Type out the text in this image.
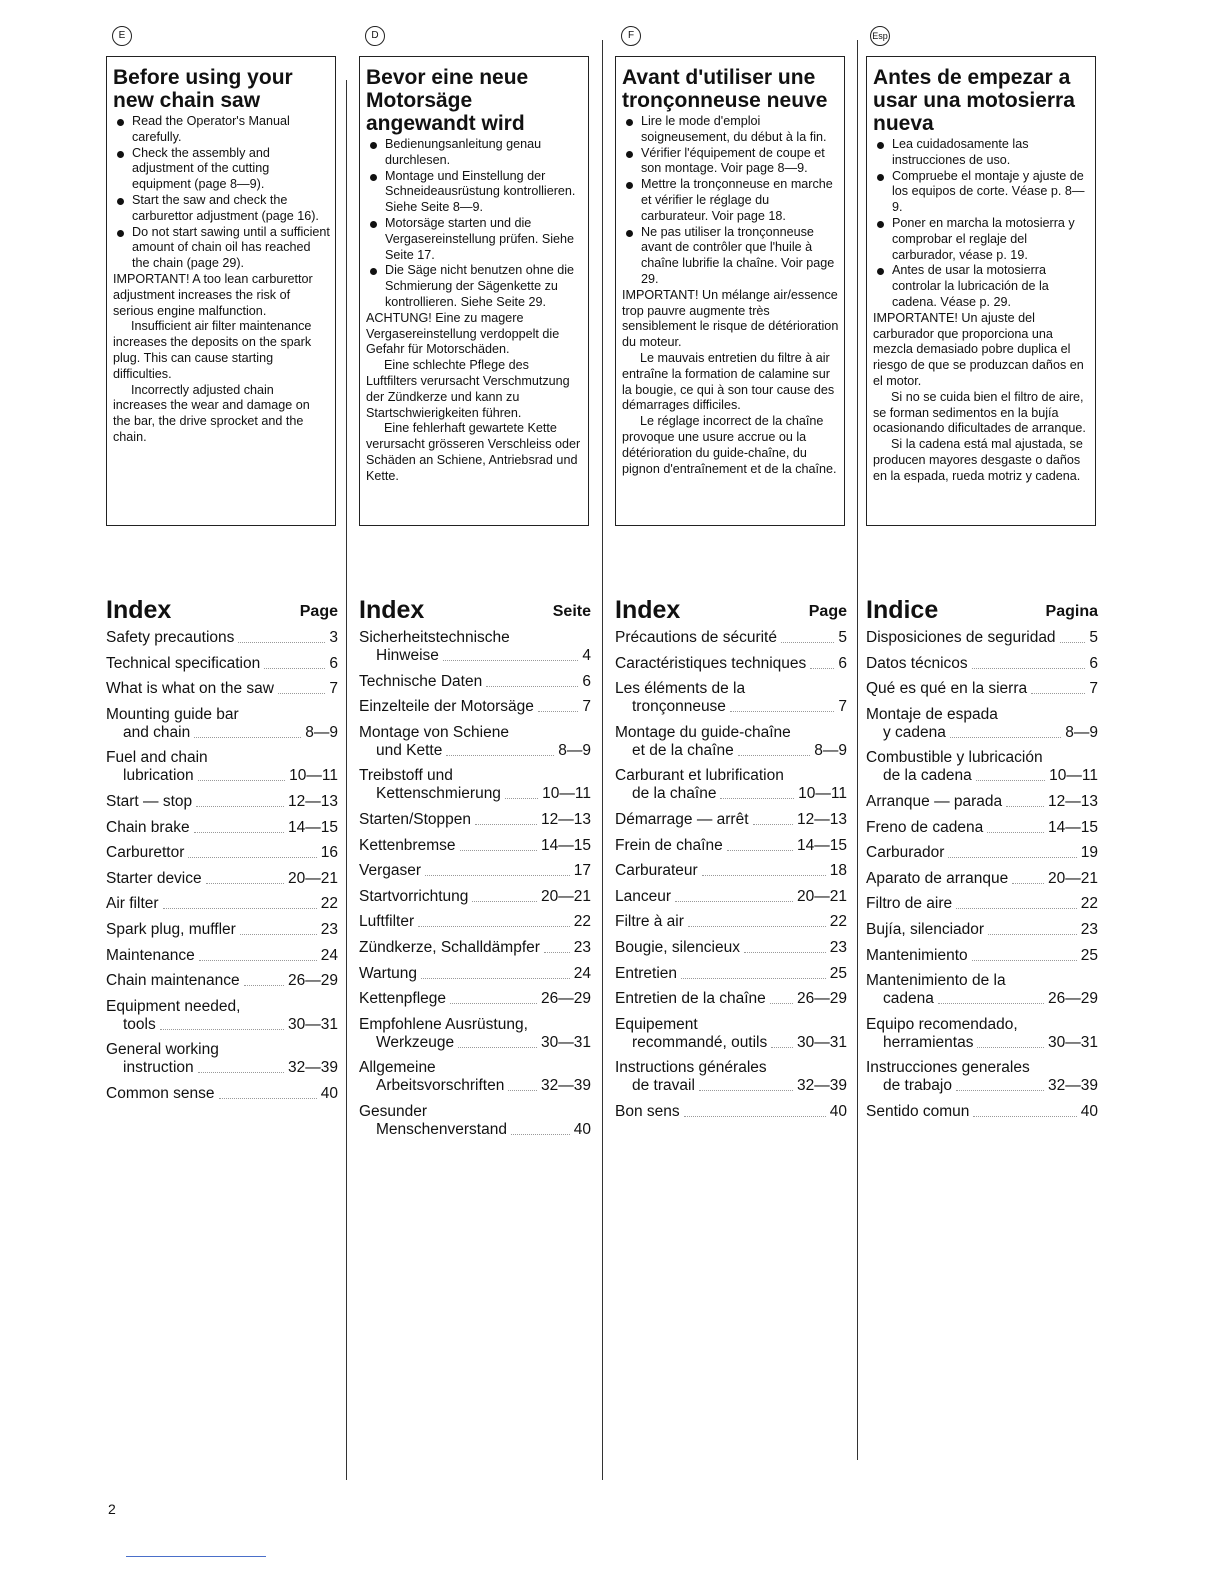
E
Before using your new chain saw
Read the Operator's Manual carefully.
Check the assembly and adjustment of the cutting equipment (page 8—9).
Start the saw and check the carburettor adjustment (page 16).
Do not start sawing until a sufficient amount of chain oil has reached the chain (page 29).

IMPORTANT! A too lean carburettor adjustment increases the risk of serious engine malfunction.

Insufficient air filter maintenance increases the deposits on the spark plug. This can cause starting difficulties.

Incorrectly adjusted chain increases the wear and damage on the bar, the drive sprocket and the chain.

Index	Page
Safety precautions	3
Technical specification	6
What is what on the saw	7
Mounting guide bar
and chain	8—9
Fuel and chain
lubrication	10—11
Start — stop	12—13
Chain brake	14—15
Carburettor	16
Starter device	20—21
Air filter	22
Spark plug, muffler	23
Maintenance	24
Chain maintenance	26—29
Equipment needed,
tools	30—31
General working
instruction	32—39
Common sense	40
D
Bevor eine neue Motorsäge angewandt wird
Bedienungsanleitung genau durchlesen.
Montage und Einstellung der Schneideausrüstung kontrollieren. Siehe Seite 8—9.
Motorsäge starten und die Vergasereinstellung prüfen. Siehe Seite 17.
Die Säge nicht benutzen ohne die Schmierung der Sägenkette zu kontrollieren. Siehe Seite 29.

ACHTUNG! Eine zu magere Vergasereinstellung verdoppelt die Gefahr für Motorschäden.

Eine schlechte Pflege des Luftfilters verursacht Verschmutzung der Zündkerze und kann zu Startschwierigkeiten führen.

Eine fehlerhaft gewartete Kette verursacht grösseren Verschleiss oder Schäden an Schiene, Antriebsrad und Kette.

Index	Seite
Sicherheitstechnische
Hinweise	4
Technische Daten	6
Einzelteile der Motorsäge	7
Montage von Schiene
und Kette	8—9
Treibstoff und
Kettenschmierung	10—11
Starten/Stoppen	12—13
Kettenbremse	14—15
Vergaser	17
Startvorrichtung	20—21
Luftfilter	22
Zündkerze, Schalldämpfer 23
Wartung	24
Kettenpflege	26—29
Empfohlene Ausrüstung,
Werkzeuge	30—31
Allgemeine
Arbeitsvorschriften 32—39
Gesunder
Menschenverstand	40
F
Avant d'utiliser une tronçonneuse neuve
Lire le mode d'emploi soigneusement, du début à la fin.
Vérifier l'équipement de coupe et son montage. Voir page 8—9.
Mettre la tronçonneuse en marche et vérifier le réglage du carburateur. Voir page 18.
Ne pas utiliser la tronçonneuse avant de contrôler que l'huile à chaîne lubrifie la chaîne. Voir page 29.

IMPORTANT! Un mélange air/essence trop pauvre augmente très sensiblement le risque de détérioration du moteur.

Le mauvais entretien du filtre à air entraîne la formation de calamine sur la bougie, ce qui à son tour cause des démarrages difficiles.

Le réglage incorrect de la chaîne provoque une usure accrue ou la détérioration du guide-chaîne, du pignon d'entraînement et de la chaîne.

Index	Page
Précautions de sécurité	5
Caractéristiques techniques 6
Les éléments de la
tronçonneuse	7
Montage du guide-chaîne
et de la chaîne	8—9
Carburant et lubrification
de la chaîne	10—11
Démarrage — arrêt	12—13
Frein de chaîne	14—15
Carburateur	18
Lanceur	20—21
Filtre à air	22
Bougie, silencieux	23
Entretien	25
Entretien de la chaîne 26—29
Equipement
recommandé, outils 30—31
Instructions générales
de travail	32—39
Bon sens	40
Esp
Antes de empezar a usar una motosierra nueva
Lea cuidadosamente las instrucciones de uso.
Compruebe el montaje y ajuste de los equipos de corte. Véase p. 8—9.
Poner en marcha la motosierra y comprobar el reglaje del carburador, véase p. 19.
Antes de usar la motosierra controlar la lubricación de la cadena. Véase p. 29.

IMPORTANTE! Un ajuste del carburador que proporciona una mezcla demasiado pobre duplica el riesgo de que se produzcan daños en el motor.

Si no se cuida bien el filtro de aire, se forman sedimentos en la bujía ocasionando dificultades de arranque.

Si la cadena está mal ajustada, se producen mayores desgaste o daños en la espada, rueda motriz y cadena.

Indice	Pagina
Disposiciones de seguridad 5
Datos técnicos	6
Qué es qué en la sierra	7
Montaje de espada
y cadena	8—9
Combustible y lubricación
de la cadena	10—11
Arranque — parada	12—13
Freno de cadena	14—15
Carburador	19
Aparato de arranque	20—21
Filtro de aire	22
Bujía, silenciador	23
Mantenimiento	25
Mantenimiento de la
cadena	26—29
Equipo recomendado,
herramientas	30—31
Instrucciones generales
de trabajo	32—39
Sentido comun	40
2
